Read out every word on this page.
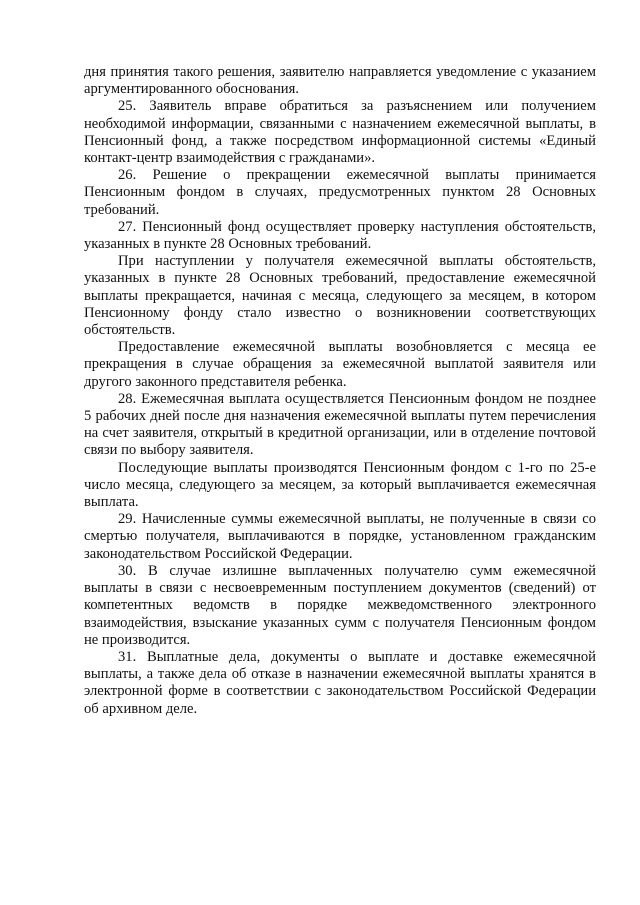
дня принятия такого решения, заявителю направляется уведомление с указанием аргументированного обоснования.

25. Заявитель вправе обратиться за разъяснением или получением необходимой информации, связанными с назначением ежемесячной выплаты, в Пенсионный фонд, а также посредством информационной системы «Единый контакт-центр взаимодействия с гражданами».

26. Решение о прекращении ежемесячной выплаты принимается Пенсионным фондом в случаях, предусмотренных пунктом 28 Основных требований.

27. Пенсионный фонд осуществляет проверку наступления обстоятельств, указанных в пункте 28 Основных требований.

При наступлении у получателя ежемесячной выплаты обстоятельств, указанных в пункте 28 Основных требований, предоставление ежемесячной выплаты прекращается, начиная с месяца, следующего за месяцем, в котором Пенсионному фонду стало известно о возникновении соответствующих обстоятельств.

Предоставление ежемесячной выплаты возобновляется с месяца ее прекращения в случае обращения за ежемесячной выплатой заявителя или другого законного представителя ребенка.

28. Ежемесячная выплата осуществляется Пенсионным фондом не позднее 5 рабочих дней после дня назначения ежемесячной выплаты путем перечисления на счет заявителя, открытый в кредитной организации, или в отделение почтовой связи по выбору заявителя.

Последующие выплаты производятся Пенсионным фондом с 1-го по 25-е число месяца, следующего за месяцем, за который выплачивается ежемесячная выплата.

29. Начисленные суммы ежемесячной выплаты, не полученные в связи со смертью получателя, выплачиваются в порядке, установленном гражданским законодательством Российской Федерации.

30. В случае излишне выплаченных получателю сумм ежемесячной выплаты в связи с несвоевременным поступлением документов (сведений) от компетентных ведомств в порядке межведомственного электронного взаимодействия, взыскание указанных сумм с получателя Пенсионным фондом не производится.

31. Выплатные дела, документы о выплате и доставке ежемесячной выплаты, а также дела об отказе в назначении ежемесячной выплаты хранятся в электронной форме в соответствии с законодательством Российской Федерации об архивном деле.
